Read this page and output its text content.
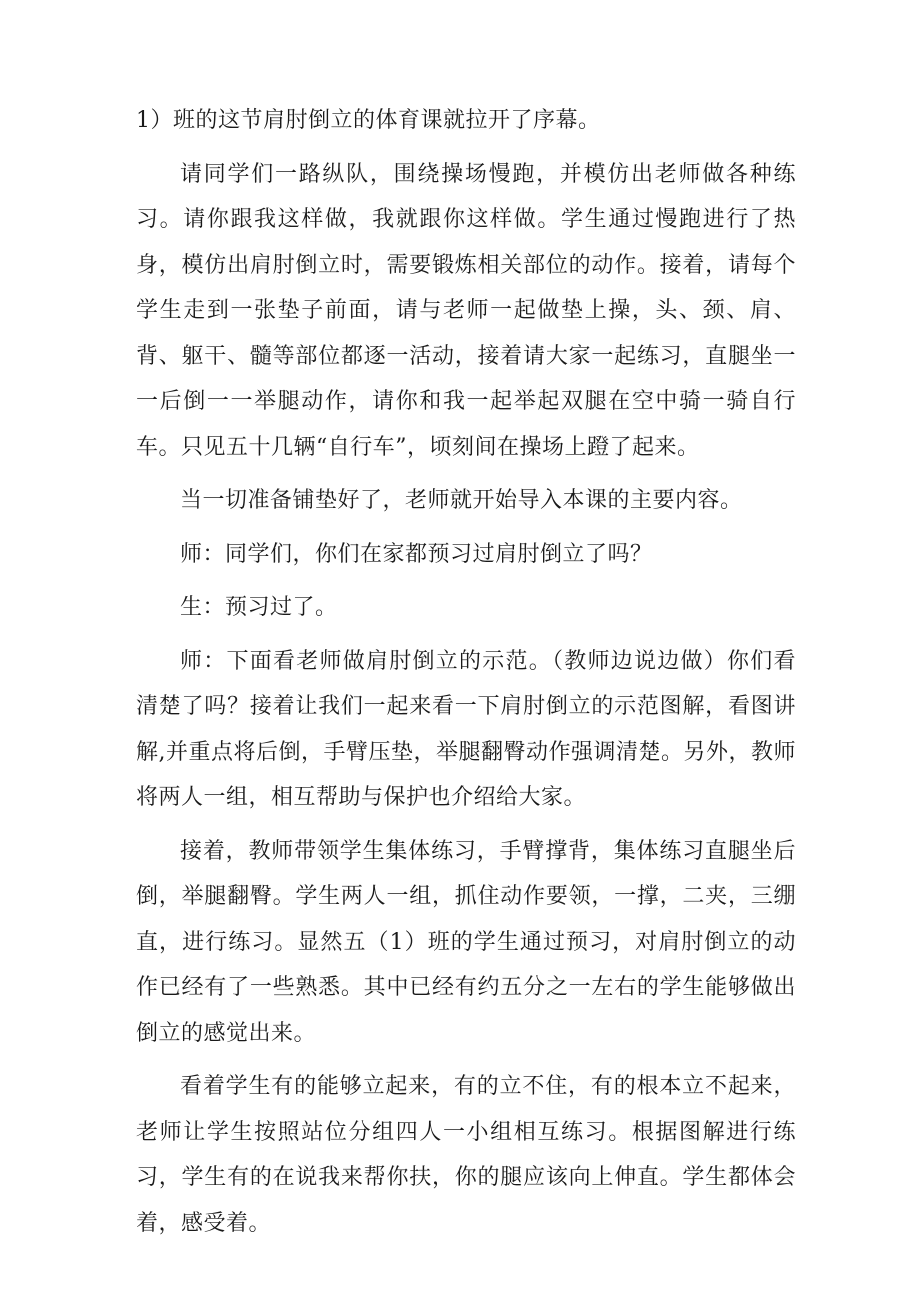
1）班的这节肩肘倒立的体育课就拉开了序幕。

请同学们一路纵队，围绕操场慢跑，并模仿出老师做各种练习。请你跟我这样做，我就跟你这样做。学生通过慢跑进行了热身，模仿出肩肘倒立时，需要锻炼相关部位的动作。接着，请每个学生走到一张垫子前面，请与老师一起做垫上操，头、颈、肩、背、躯干、髓等部位都逐一活动，接着请大家一起练习，直腿坐一一后倒一一举腿动作，请你和我一起举起双腿在空中骑一骑自行车。只见五十几辆“自行车”，顷刻间在操场上蹬了起来。

当一切准备铺垫好了，老师就开始导入本课的主要内容。

师：同学们，你们在家都预习过肩肘倒立了吗？

生：预习过了。

师：下面看老师做肩肘倒立的示范。（教师边说边做）你们看清楚了吗？接着让我们一起来看一下肩肘倒立的示范图解，看图讲解,并重点将后倒，手臂压垫，举腿翻臀动作强调清楚。另外，教师将两人一组，相互帮助与保护也介绍给大家。

接着，教师带领学生集体练习，手臂撑背，集体练习直腿坐后倒，举腿翻臀。学生两人一组，抓住动作要领，一撑，二夹，三绷直，进行练习。显然五（1）班的学生通过预习，对肩肘倒立的动作已经有了一些熟悉。其中已经有约五分之一左右的学生能够做出倒立的感觉出来。

看着学生有的能够立起来，有的立不住，有的根本立不起来，老师让学生按照站位分组四人一小组相互练习。根据图解进行练习，学生有的在说我来帮你扶，你的腿应该向上伸直。学生都体会着，感受着。
